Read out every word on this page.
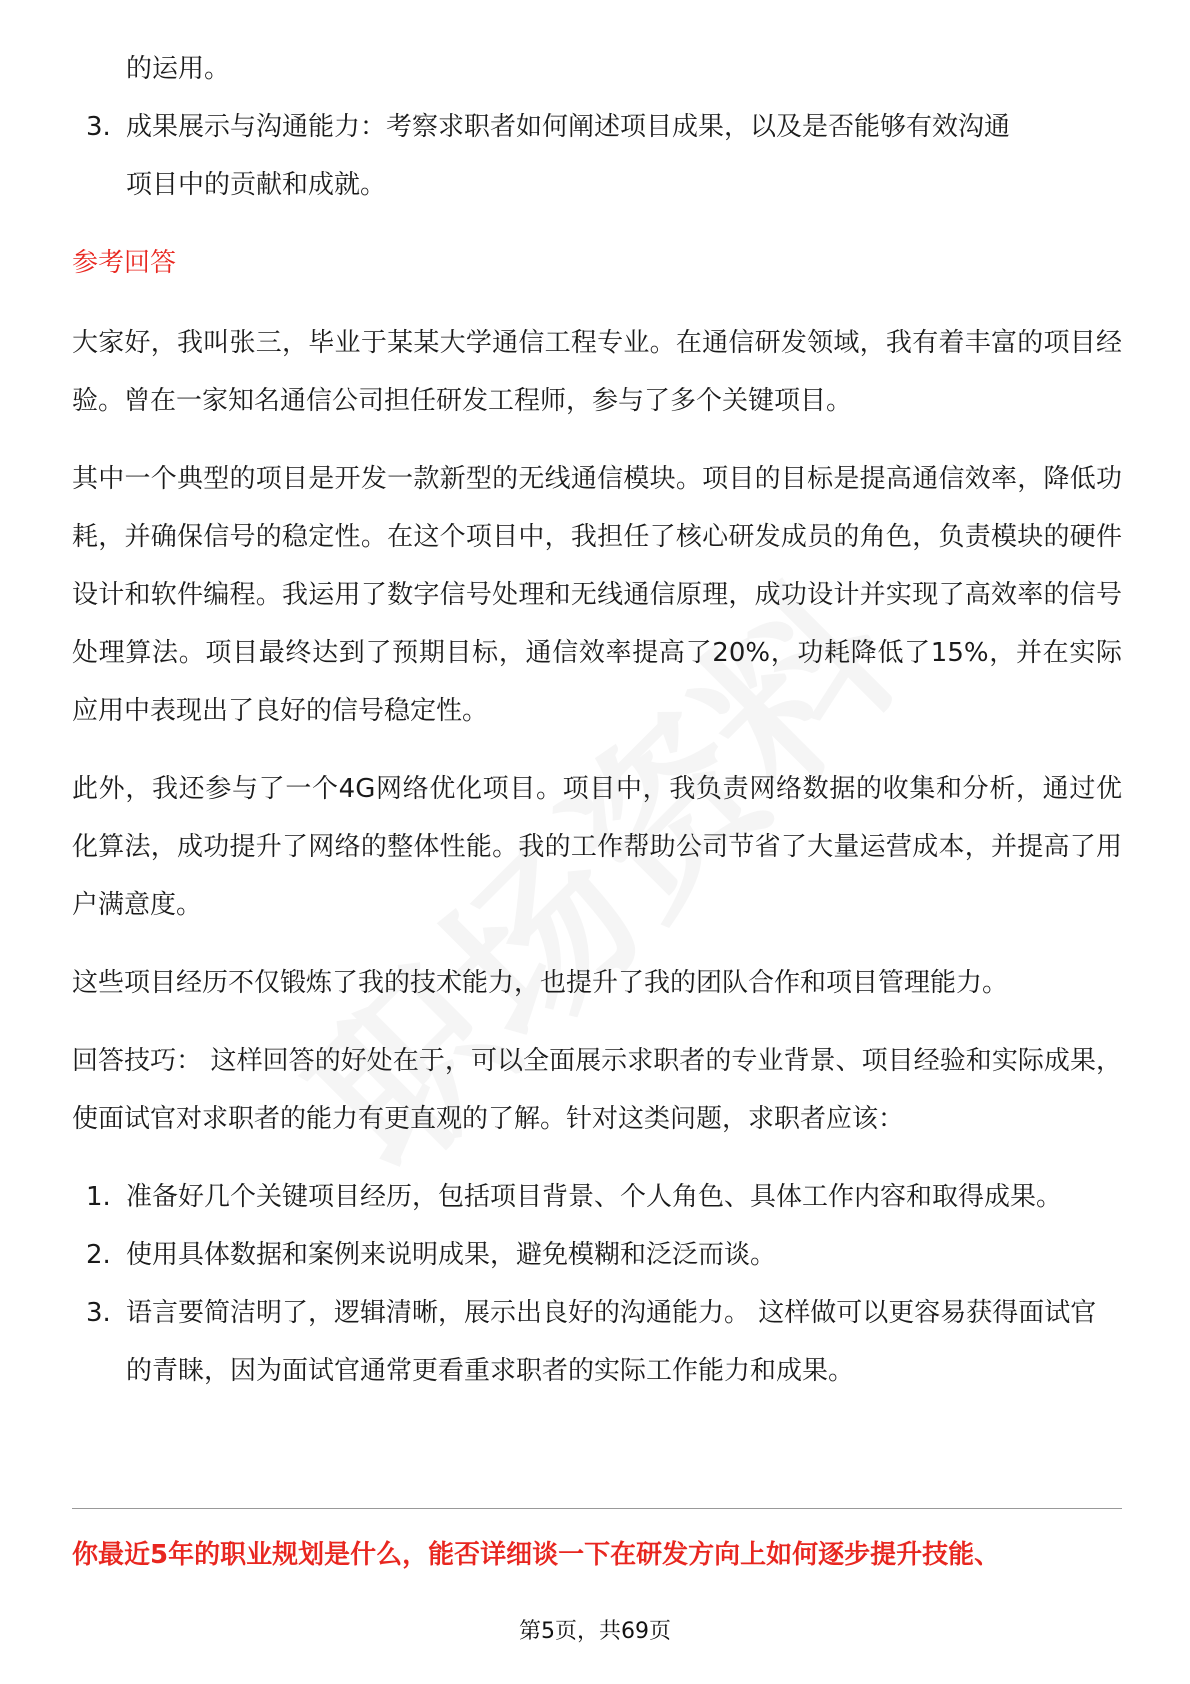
的运用。
3. 成果展示与沟通能力：考察求职者如何阐述项目成果，以及是否能够有效沟通
项目中的贡献和成就。
参考回答
大家好，我叫张三，毕业于某某大学通信工程专业。在通信研发领域，我有着丰富的项目经验。曾在一家知名通信公司担任研发工程师，参与了多个关键项目。
其中一个典型的项目是开发一款新型的无线通信模块。项目的目标是提高通信效率，降低功耗，并确保信号的稳定性。在这个项目中，我担任了核心研发成员的角色，负责模块的硬件设计和软件编程。我运用了数字信号处理和无线通信原理，成功设计并实现了高效率的信号处理算法。项目最终达到了预期目标，通信效率提高了20%，功耗降低了15%，并在实际应用中表现出了良好的信号稳定性。
此外，我还参与了一个4G网络优化项目。项目中，我负责网络数据的收集和分析，通过优化算法，成功提升了网络的整体性能。我的工作帮助公司节省了大量运营成本，并提高了用户满意度。
这些项目经历不仅锻炼了我的技术能力，也提升了我的团队合作和项目管理能力。
回答技巧： 这样回答的好处在于，可以全面展示求职者的专业背景、项目经验和实际成果，使面试官对求职者的能力有更直观的了解。针对这类问题，求职者应该：
1. 准备好几个关键项目经历，包括项目背景、个人角色、具体工作内容和取得成果。
2. 使用具体数据和案例来说明成果，避免模糊和泛泛而谈。
3. 语言要简洁明了，逻辑清晰，展示出良好的沟通能力。 这样做可以更容易获得面试官的青睐，因为面试官通常更看重求职者的实际工作能力和成果。
你最近5年的职业规划是什么，能否详细谈一下在研发方向上如何逐步提升技能、
第5页，共69页
